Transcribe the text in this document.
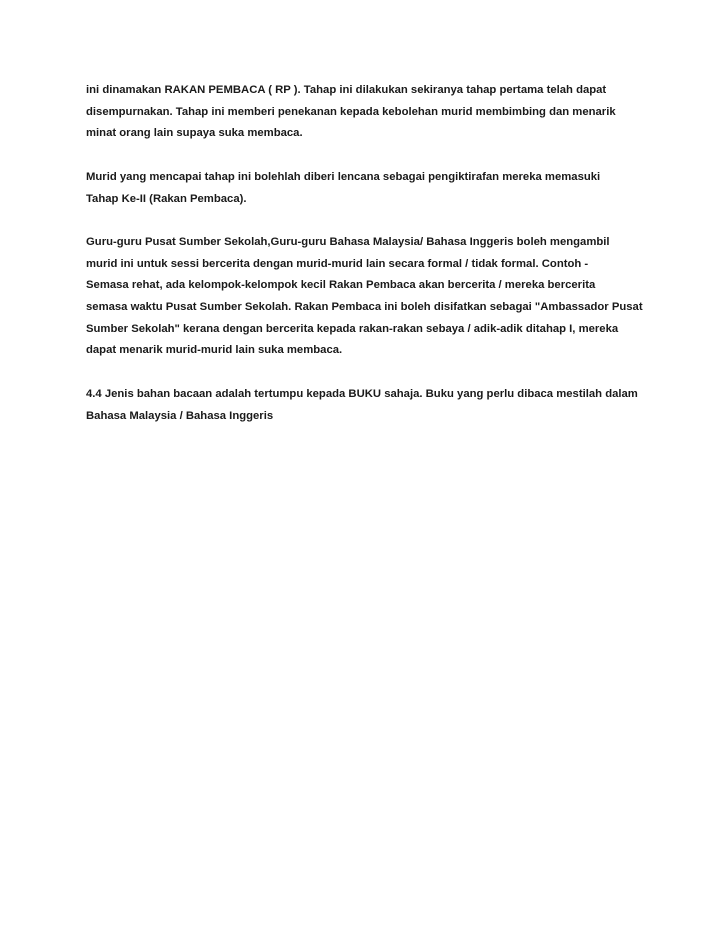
ini dinamakan RAKAN PEMBACA ( RP ). Tahap ini dilakukan sekiranya tahap pertama telah dapat
disempurnakan. Tahap ini memberi penekanan kepada kebolehan murid membimbing dan menarik
minat orang lain supaya suka membaca.

Murid yang mencapai tahap ini bolehlah diberi lencana sebagai pengiktirafan mereka memasuki
Tahap Ke-II (Rakan Pembaca).

Guru-guru Pusat Sumber Sekolah,Guru-guru Bahasa Malaysia/ Bahasa Inggeris boleh mengambil
murid ini untuk sessi bercerita dengan murid-murid lain secara formal / tidak formal. Contoh -
Semasa rehat, ada kelompok-kelompok kecil Rakan Pembaca akan bercerita / mereka bercerita
semasa waktu Pusat Sumber Sekolah. Rakan Pembaca ini boleh disifatkan sebagai "Ambassador Pusat
Sumber Sekolah" kerana dengan bercerita kepada rakan-rakan sebaya / adik-adik ditahap I, mereka
dapat menarik murid-murid lain suka membaca.

4.4 Jenis bahan bacaan adalah tertumpu kepada BUKU sahaja. Buku yang perlu dibaca mestilah dalam
Bahasa Malaysia / Bahasa Inggeris
